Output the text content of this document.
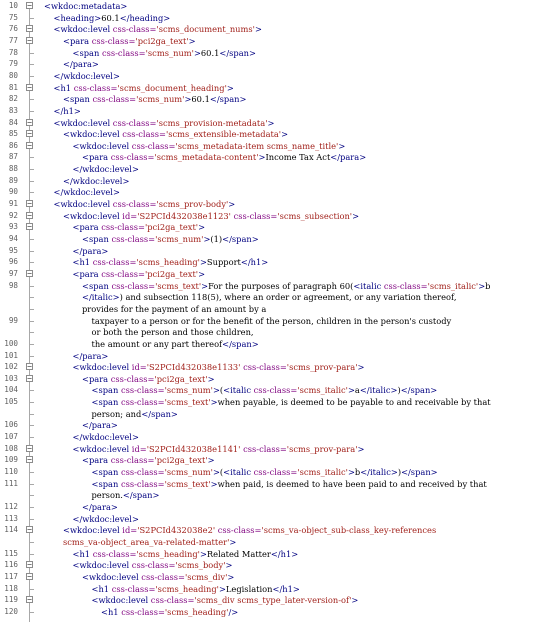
10 −	<wkdoc:metadata>
75	<heading>60.1</heading>
76 −	<wkdoc:level css-class='scms_document_nums'>
77 −	<para css-class='pci2ga_text'>
78	<span css-class='scms_num'>60.1</span>
79	</para>
80	</wkdoc:level>
81 −	<h1 css-class='scms_document_heading'>
82	<span css-class='scms_num'>60.1</span>
83	</h1>
84 −	<wkdoc:level css-class='scms_provision-metadata'>
85 −	<wkdoc:level css-class='scms_extensible-metadata'>
86 −	<wkdoc:level css-class='scms_metadata-item scms_name_title'>
87	<para css-class='scms_metadata-content'>Income Tax Act</para>
88	</wkdoc:level>
89	</wkdoc:level>
90	</wkdoc:level>
91 −	<wkdoc:level css-class='scms_prov-body'>
92 −	<wkdoc:level id='S2PCId432038e1123' css-class='scms_subsection'>
93 −	<para css-class='pci2ga_text'>
94	<span css-class='scms_num'>(1)</span>
95	</para>
96	<h1 css-class='scms_heading'>Support</h1>
97 −	<para css-class='pci2ga_text'>
98	<span css-class='scms_text'>For the purposes of paragraph 60(<italic css-class='scms_italic'>b
</italic>) and subsection 118(5), where an order or agreement, or any variation thereof,
provides for the payment of an amount by a
99	taxpayer to a person or for the benefit of the person, children in the person's custody
or both the person and those children,
100	the amount or any part thereof</span>
101	</para>
102 −	<wkdoc:level id='S2PCId432038e1133' css-class='scms_prov-para'>
103 −	<para css-class='pci2ga_text'>
104	<span css-class='scms_num'>(<italic css-class='scms_italic'>a</italic>)</span>
105	<span css-class='scms_text'>when payable, is deemed to be payable to and receivable by that
person; and</span>
106	</para>
107	</wkdoc:level>
108 −	<wkdoc:level id='S2PCId432038e1141' css-class='scms_prov-para'>
109 −	<para css-class='pci2ga_text'>
110	<span css-class='scms_num'>(<italic css-class='scms_italic'>b</italic>)</span>
111	<span css-class='scms_text'>when paid, is deemed to have been paid to and received by that
person.</span>
112	</para>
113	</wkdoc:level>
114 −	<wkdoc:level id='S2PCId432038e2' css-class='scms_va-object_sub-class_key-references
scms_va-object_area_va-related-matter'>
115	<h1 css-class='scms_heading'>Related Matter</h1>
116 −	<wkdoc:level css-class='scms_body'>
117 −	<wkdoc:level css-class='scms_div'>
118	<h1 css-class='scms_heading'>Legislation</h1>
119 −	<wkdoc:level css-class='scms_div scms_type_later-version-of'>
120	<h1 css-class='scms_heading'/>
